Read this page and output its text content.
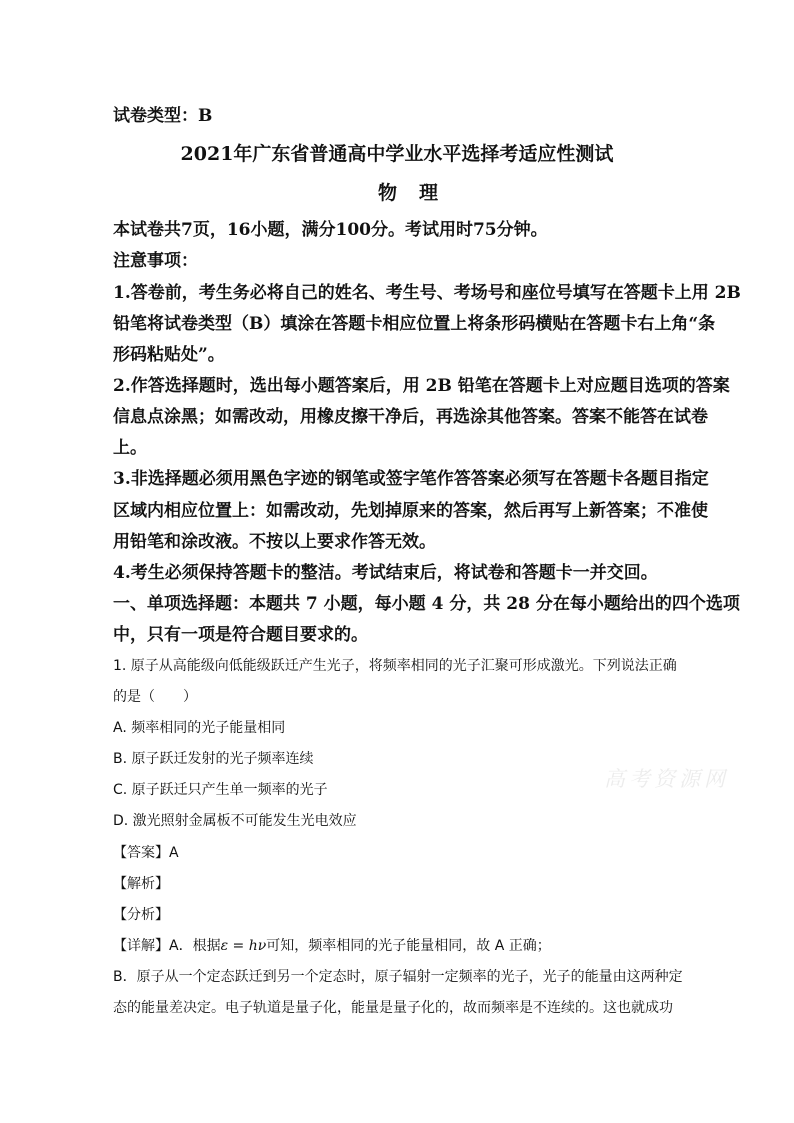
试卷类型：B
2021年广东省普通高中学业水平选择考适应性测试
物理
本试卷共7页，16小题，满分100分。考试用时75分钟。
注意事项：
1.答卷前，考生务必将自己的姓名、考生号、考场号和座位号填写在答题卡上用 2B
铅笔将试卷类型（B）填涂在答题卡相应位置上将条形码横贴在答题卡右上角“条
形码粘贴处”。
2.作答选择题时，选出每小题答案后，用 2B 铅笔在答题卡上对应题目选项的答案
信息点涂黑；如需改动，用橡皮擦干净后，再选涂其他答案。答案不能答在试卷
上。
3.非选择题必须用黑色字迹的钢笔或签字笔作答答案必须写在答题卡各题目指定
区域内相应位置上：如需改动，先划掉原来的答案，然后再写上新答案；不准使
用铅笔和涂改液。不按以上要求作答无效。
4.考生必须保持答题卡的整洁。考试结束后，将试卷和答题卡一并交回。
一、单项选择题：本题共 7 小题，每小题 4 分，共 28 分在每小题给出的四个选项
中，只有一项是符合题目要求的。
1. 原子从高能级向低能级跃迁产生光子，将频率相同的光子汇聚可形成激光。下列说法正确
的是（　　）
A. 频率相同的光子能量相同
B. 原子跃迁发射的光子频率连续
C. 原子跃迁只产生单一频率的光子
D. 激光照射金属板不可能发生光电效应
【答案】A
【解析】
【分析】
【详解】A．根据ε = hν可知，频率相同的光子能量相同，故 A 正确；
B．原子从一个定态跃迁到另一个定态时，原子辐射一定频率的光子，光子的能量由这两种定
态的能量差决定。电子轨道是量子化，能量是量子化的，故而频率是不连续的。这也就成功
高考资源网
